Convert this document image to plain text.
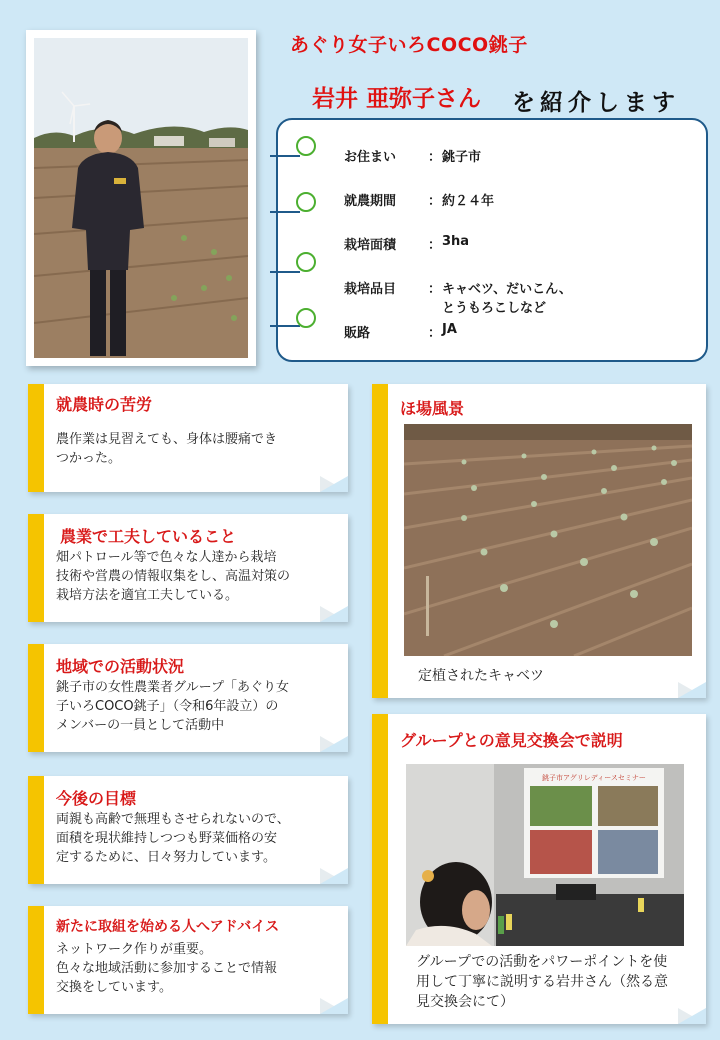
あぐり女子いろCOCO銚子
岩井 亜弥子さん を紹介します
お住まい ： 銚子市
就農期間 ： 約２４年
栽培面積 ： 3ha
栽培品目 ： キャベツ、だいこん、
とうもろこしなど
販路	： JA
就農時の苦労
農作業は見習えても、身体は腰痛でき
つかった。
農業で工夫していること
畑パトロール等で色々な人達から栽培
技術や営農の情報収集をし、高温対策の
栽培方法を適宜工夫している。
地域での活動状況
銚子市の女性農業者グループ「あぐり女
子いろCOCO銚子」（令和6年設立）の
メンバーの一員として活動中
今後の目標
両親も高齢で無理もさせられないので、
面積を現状維持しつつも野菜価格の安
定するために、日々努力しています。
新たに取組を始める人へアドバイス
ネットワーク作りが重要。
色々な地域活動に参加することで情報
交換をしています。
ほ場風景
定植されたキャベツ
グループとの意見交換会で説明
銚子市アグリレディースセミナー
グループでの活動をパワーポイントを使
用して丁寧に説明する岩井さん（然る意
見交換会にて）
